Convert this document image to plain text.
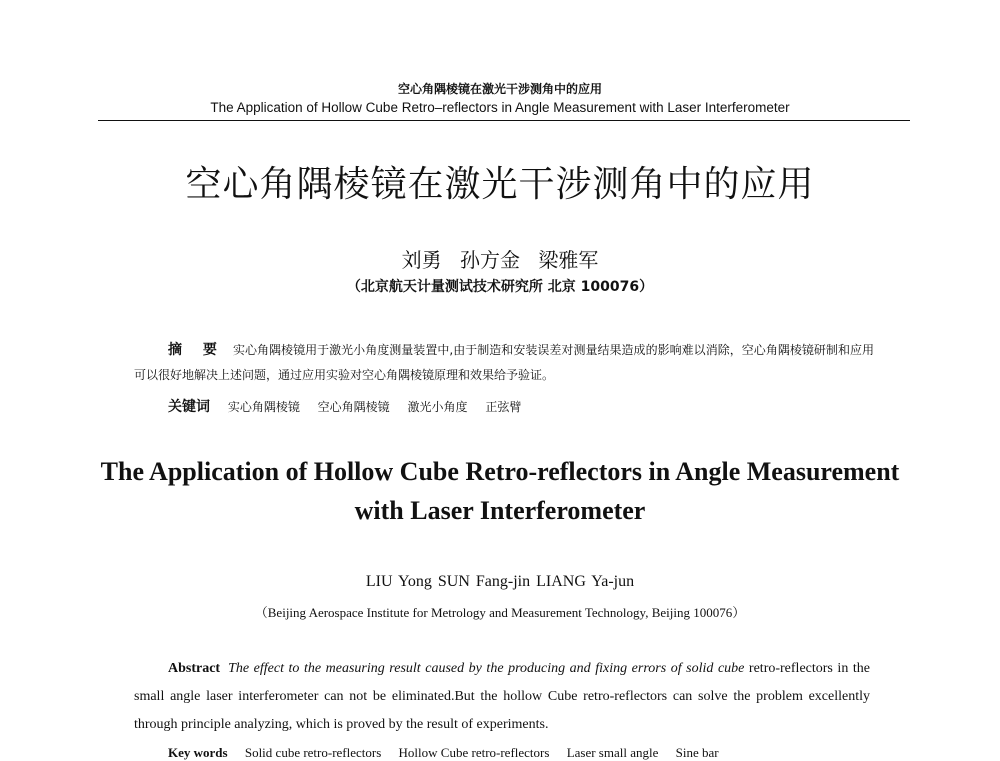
空心角隅棱镜在激光干涉测角中的应用
The Application of Hollow Cube Retro–reflectors in Angle Measurement with Laser Interferometer
空心角隅棱镜在激光干涉测角中的应用
刘勇 孙方金 梁雅军
（北京航天计量测试技术研究所 北京 100076）
摘 要 实心角隅棱镜用于激光小角度测量装置中,由于制造和安装误差对测量结果造成的影响难以消除，空心角隅棱镜研制和应用可以很好地解决上述问题，通过应用实验对空心角隅棱镜原理和效果给予验证。
关键词 实心角隅棱镜 空心角隅棱镜 激光小角度 正弦臂
The Application of Hollow Cube Retro-reflectors in Angle Measurement with Laser Interferometer
LIU Yong SUN Fang-jin LIANG Ya-jun
（Beijing Aerospace Institute for Metrology and Measurement Technology, Beijing 100076）
Abstract The effect to the measuring result caused by the producing and fixing errors of solid cube retro-reflectors in the small angle laser interferometer can not be eliminated.But the hollow Cube retro-reflectors can solve the problem excellently through principle analyzing, which is proved by the result of experiments.
Key words Solid cube retro-reflectors Hollow Cube retro-reflectors Laser small angle Sine bar
